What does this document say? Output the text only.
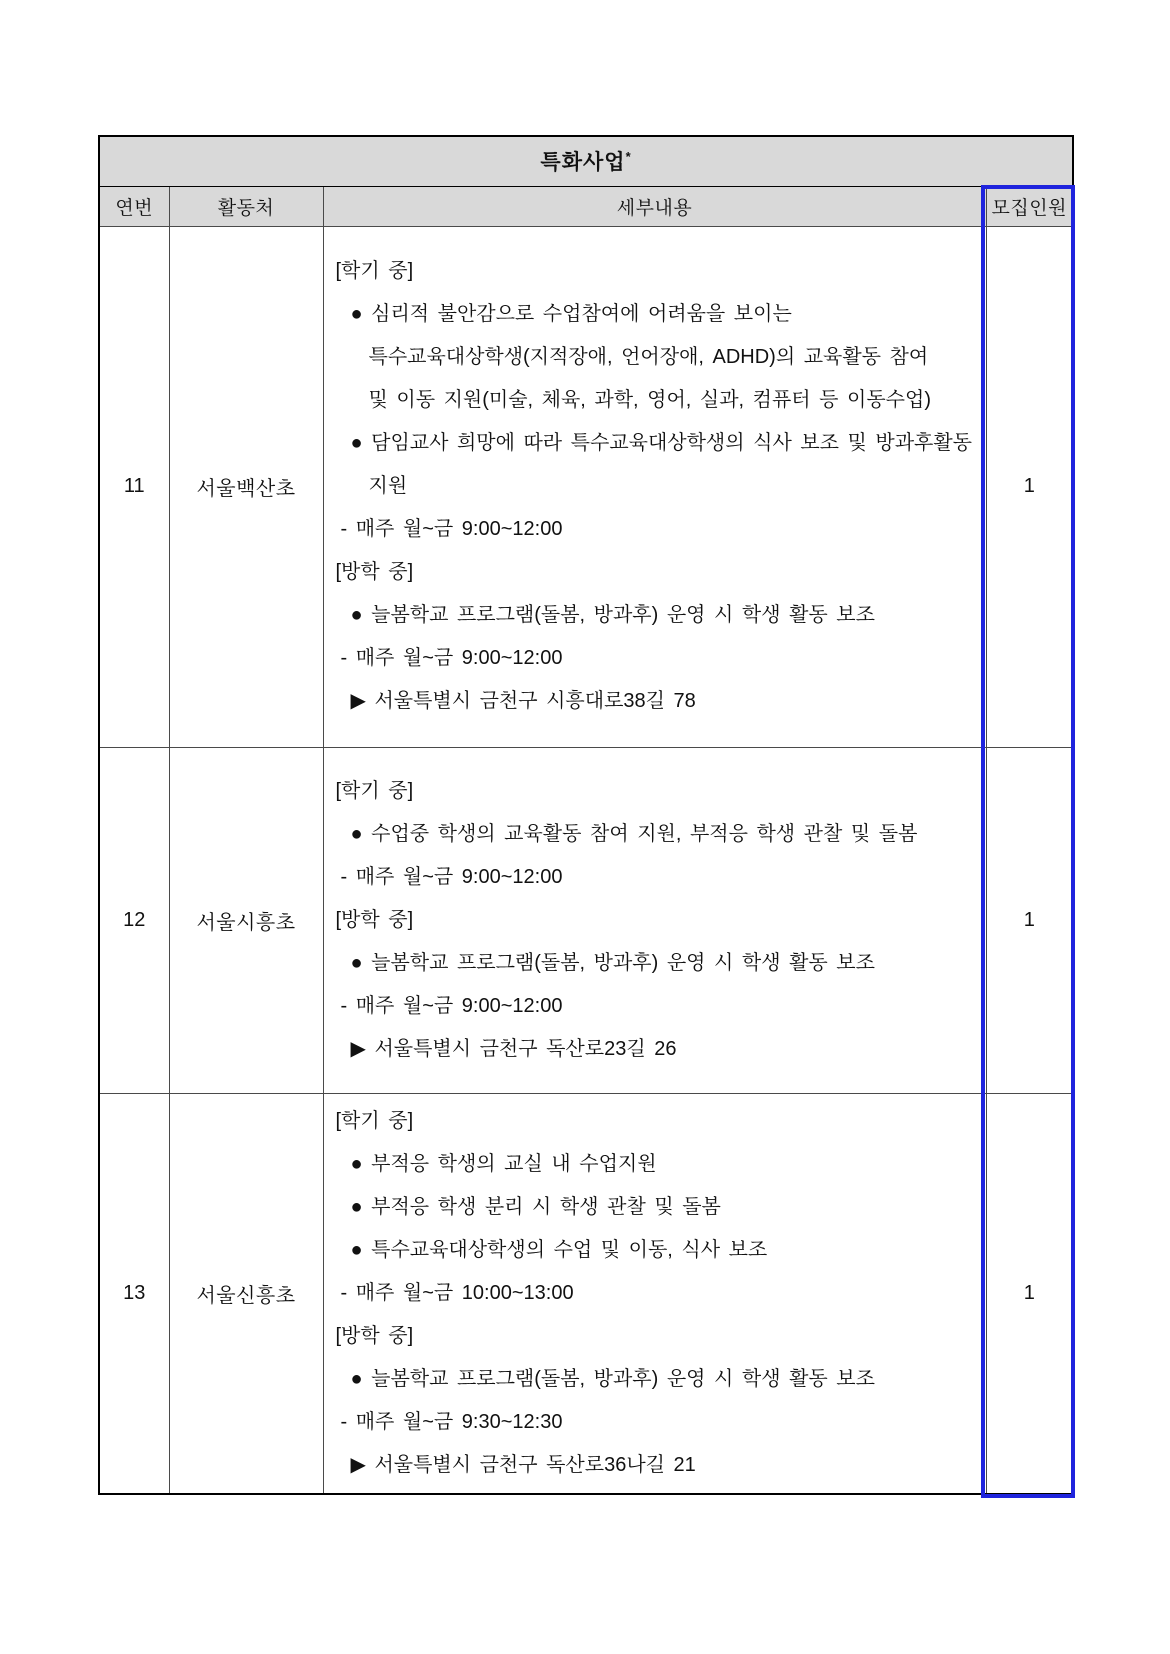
특화사업*
연번	활동처	세부내용	모집인원
11	서울백산초	
[학기 중]
● 심리적 불안감으로 수업참여에 어려움을 보이는
특수교육대상학생(지적장애, 언어장애, ADHD)의 교육활동 참여
및 이동 지원(미술, 체육, 과학, 영어, 실과, 컴퓨터 등 이동수업)
● 담임교사 희망에 따라 특수교육대상학생의 식사 보조 및 방과후활동
지원
- 매주 월~금 9:00~12:00
[방학 중]
● 늘봄학교 프로그램(돌봄, 방과후) 운영 시 학생 활동 보조
- 매주 월~금 9:00~12:00
▶ 서울특별시 금천구 시흥대로38길 78
	1
12	서울시흥초	
[학기 중]
● 수업중 학생의 교육활동 참여 지원, 부적응 학생 관찰 및 돌봄
- 매주 월~금 9:00~12:00
[방학 중]
● 늘봄학교 프로그램(돌봄, 방과후) 운영 시 학생 활동 보조
- 매주 월~금 9:00~12:00
▶ 서울특별시 금천구 독산로23길 26
	1
13	서울신흥초	
[학기 중]
● 부적응 학생의 교실 내 수업지원
● 부적응 학생 분리 시 학생 관찰 및 돌봄
● 특수교육대상학생의 수업 및 이동, 식사 보조
- 매주 월~금 10:00~13:00
[방학 중]
● 늘봄학교 프로그램(돌봄, 방과후) 운영 시 학생 활동 보조
- 매주 월~금 9:30~12:30
▶ 서울특별시 금천구 독산로36나길 21
	1
